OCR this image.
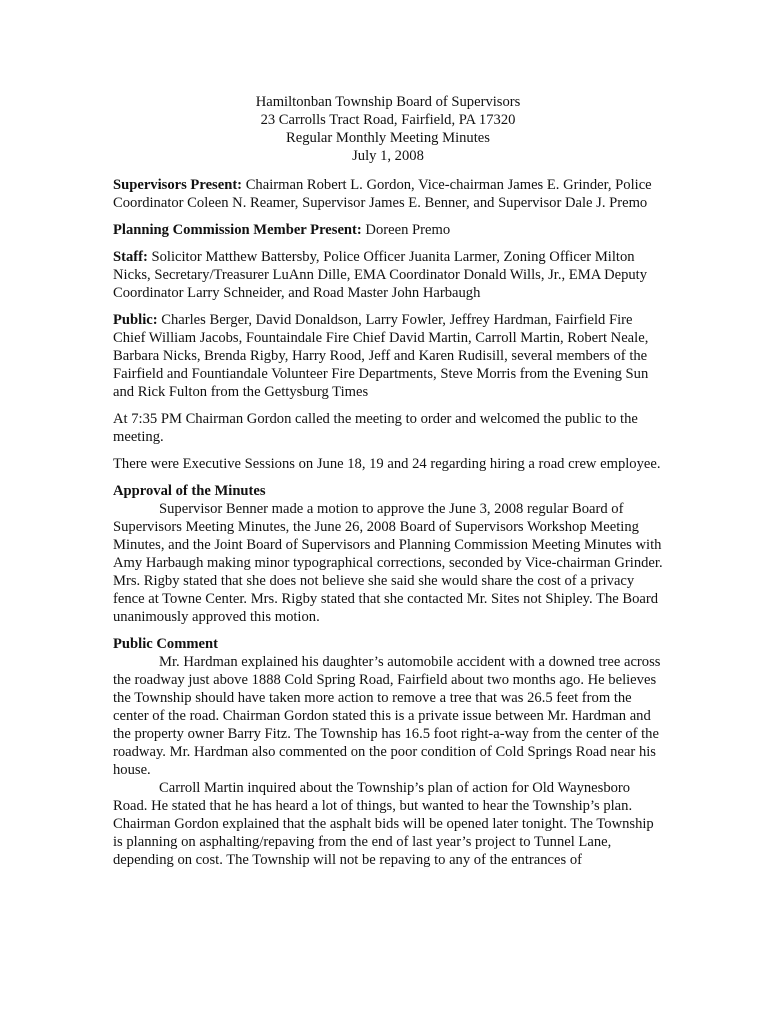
Hamiltonban Township Board of Supervisors
23 Carrolls Tract Road, Fairfield, PA 17320
Regular Monthly Meeting Minutes
July 1, 2008

Supervisors Present: Chairman Robert L. Gordon, Vice-chairman James E. Grinder, Police Coordinator Coleen N. Reamer, Supervisor James E. Benner, and Supervisor Dale J. Premo

Planning Commission Member Present: Doreen Premo

Staff: Solicitor Matthew Battersby, Police Officer Juanita Larmer, Zoning Officer Milton Nicks, Secretary/Treasurer LuAnn Dille, EMA Coordinator Donald Wills, Jr., EMA Deputy Coordinator Larry Schneider, and Road Master John Harbaugh

Public: Charles Berger, David Donaldson, Larry Fowler, Jeffrey Hardman, Fairfield Fire Chief William Jacobs, Fountaindale Fire Chief David Martin, Carroll Martin, Robert Neale, Barbara Nicks, Brenda Rigby, Harry Rood, Jeff and Karen Rudisill, several members of the Fairfield and Fountiandale Volunteer Fire Departments, Steve Morris from the Evening Sun and Rick Fulton from the Gettysburg Times

At 7:35 PM Chairman Gordon called the meeting to order and welcomed the public to the meeting.

There were Executive Sessions on June 18, 19 and 24 regarding hiring a road crew employee.

Approval of the Minutes

Supervisor Benner made a motion to approve the June 3, 2008 regular Board of Supervisors Meeting Minutes, the June 26, 2008 Board of Supervisors Workshop Meeting Minutes, and the Joint Board of Supervisors and Planning Commission Meeting Minutes with Amy Harbaugh making minor typographical corrections, seconded by Vice-chairman Grinder. Mrs. Rigby stated that she does not believe she said she would share the cost of a privacy fence at Towne Center. Mrs. Rigby stated that she contacted Mr. Sites not Shipley. The Board unanimously approved this motion.

Public Comment

Mr. Hardman explained his daughter’s automobile accident with a downed tree across the roadway just above 1888 Cold Spring Road, Fairfield about two months ago. He believes the Township should have taken more action to remove a tree that was 26.5 feet from the center of the road. Chairman Gordon stated this is a private issue between Mr. Hardman and the property owner Barry Fitz. The Township has 16.5 foot right-a-way from the center of the roadway. Mr. Hardman also commented on the poor condition of Cold Springs Road near his house.

Carroll Martin inquired about the Township’s plan of action for Old Waynesboro Road. He stated that he has heard a lot of things, but wanted to hear the Township’s plan. Chairman Gordon explained that the asphalt bids will be opened later tonight. The Township is planning on asphalting/repaving from the end of last year’s project to Tunnel Lane, depending on cost. The Township will not be repaving to any of the entrances of
